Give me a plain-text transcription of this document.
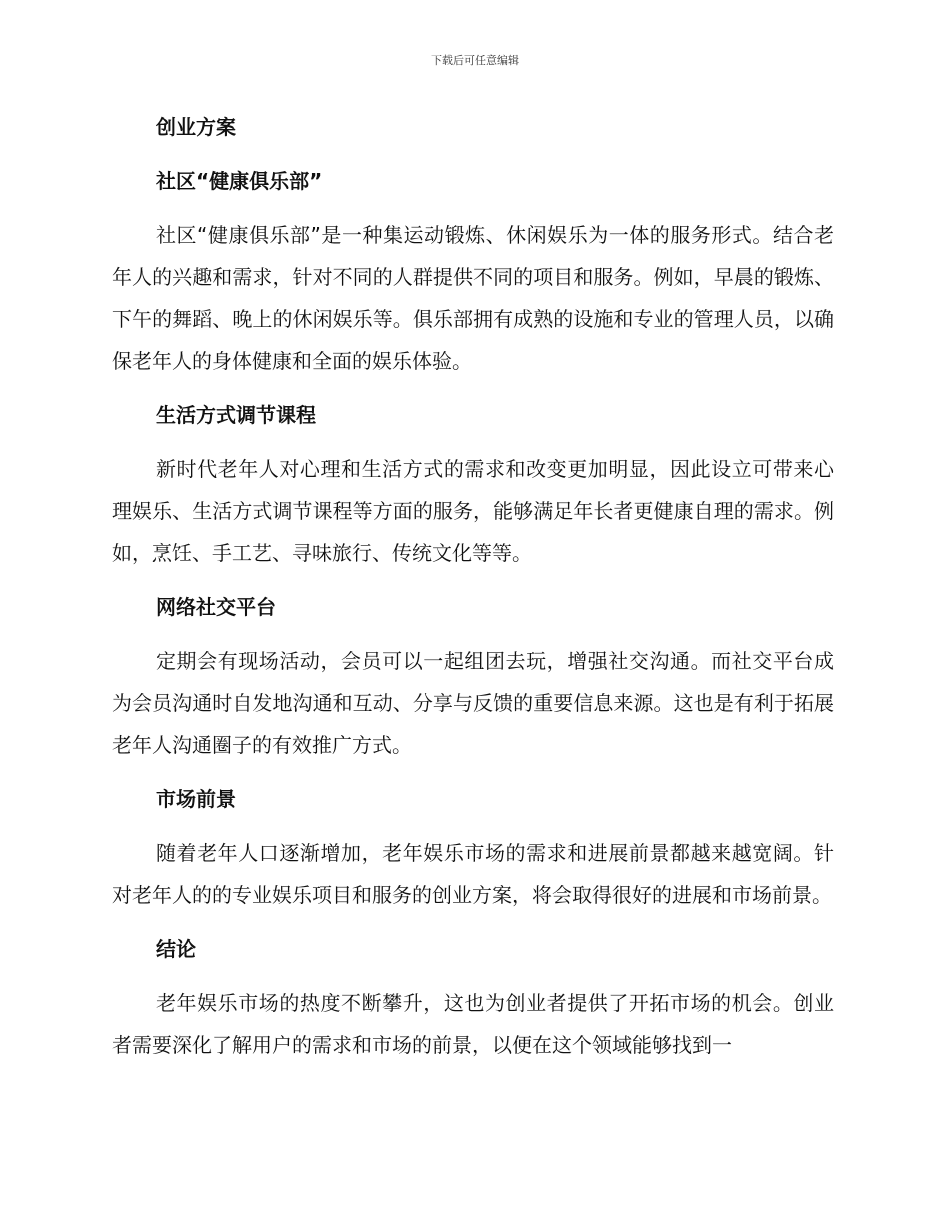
下载后可任意编辑
创业方案
社区“健康俱乐部”

社区“健康俱乐部”是一种集运动锻炼、休闲娱乐为一体的服务形式。结合老年人的兴趣和需求，针对不同的人群提供不同的项目和服务。例如，早晨的锻炼、下午的舞蹈、晚上的休闲娱乐等。俱乐部拥有成熟的设施和专业的管理人员，以确保老年人的身体健康和全面的娱乐体验。

生活方式调节课程

新时代老年人对心理和生活方式的需求和改变更加明显，因此设立可带来心理娱乐、生活方式调节课程等方面的服务，能够满足年长者更健康自理的需求。例如，烹饪、手工艺、寻味旅行、传统文化等等。

网络社交平台

定期会有现场活动，会员可以一起组团去玩，增强社交沟通。而社交平台成为会员沟通时自发地沟通和互动、分享与反馈的重要信息来源。这也是有利于拓展老年人沟通圈子的有效推广方式。

市场前景

随着老年人口逐渐增加，老年娱乐市场的需求和进展前景都越来越宽阔。针对老年人的的专业娱乐项目和服务的创业方案，将会取得很好的进展和市场前景。

结论

老年娱乐市场的热度不断攀升，这也为创业者提供了开拓市场的机会。创业者需要深化了解用户的需求和市场的前景，以便在这个领域能够找到一
